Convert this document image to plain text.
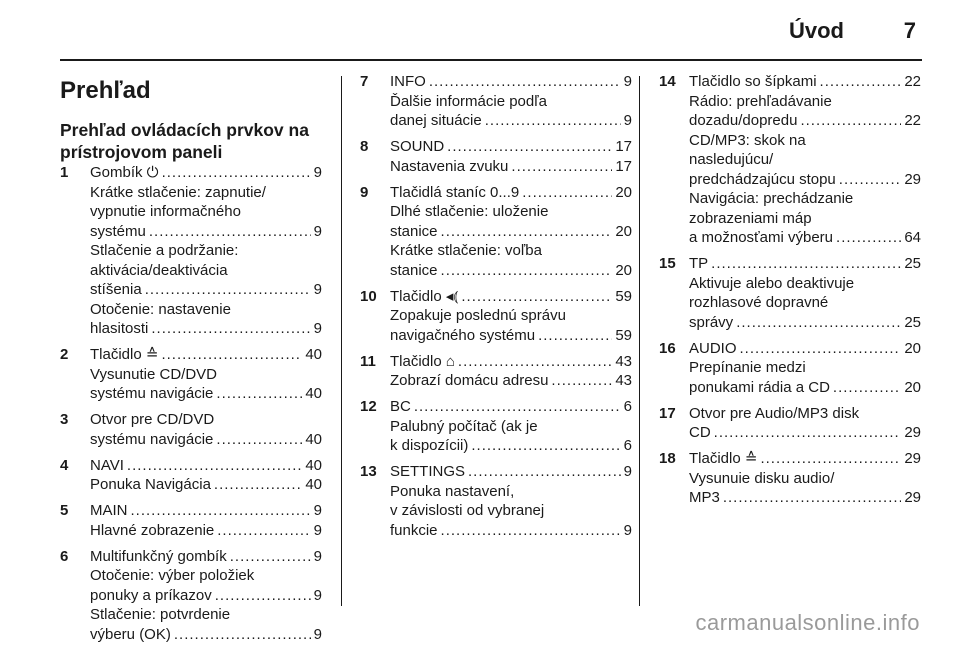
Úvod	7
Prehľad
Prehľad ovládacích prvkov na prístrojovom paneli
1 Gombík ⏻ .....	9
Krátke stlačenie: zapnutie/
vypnutie informačného
systému .....	9
Stlačenie a podržanie:
aktivácia/deaktivácia
stíšenia .....	9
Otočenie: nastavenie
hlasitosti .....	9
2 Tlačidlo ≙ .....	40
Vysunutie CD/DVD
systému navigácie .....	40
3 Otvor pre CD/DVD
systému navigácie .....	40
4 NAVI .....	40
Ponuka Navigácia .....	40
5 MAIN .....	9
Hlavné zobrazenie .....	9
6 Multifunkčný gombík .....	9
Otočenie: výber položiek
ponuky a príkazov .....	9
Stlačenie: potvrdenie
výberu (OK) .....	9
7 INFO .....	9
Ďalšie informácie podľa
danej situácie .....	9
8 SOUND .....	17
Nastavenia zvuku .....	17
9 Tlačidlá staníc 0...9 .....	20
Dlhé stlačenie: uloženie
stanice .....	20
Krátke stlačenie: voľba
stanice .....	20
10 Tlačidlo ◂⦅ .....	59
Zopakuje poslednú správu
navigačného systému .....	59
11 Tlačidlo ⌂ .....	43
Zobrazí domácu adresu .....	43
12 BC .....	6
Palubný počítač (ak je
k dispozícii) .....	6
13 SETTINGS .....	9
Ponuka nastavení,
v závislosti od vybranej
funkcie .....	9
14 Tlačidlo so šípkami .....	22
Rádio: prehľadávanie
dozadu/dopredu .....	22
CD/MP3: skok na
nasledujúcu/
predchádzajúcu stopu .....	29
Navigácia: prechádzanie
zobrazeniami máp
a možnosťami výberu .....	64
15 TP .....	25
Aktivuje alebo deaktivuje
rozhlasové dopravné
správy .....	25
16 AUDIO .....	20
Prepínanie medzi
ponukami rádia a CD .....	20
17 Otvor pre Audio/MP3 disk
CD .....	29
18 Tlačidlo ≙ .....	29
Vysunuie disku audio/
MP3 .....	29
carmanualsonline.info
